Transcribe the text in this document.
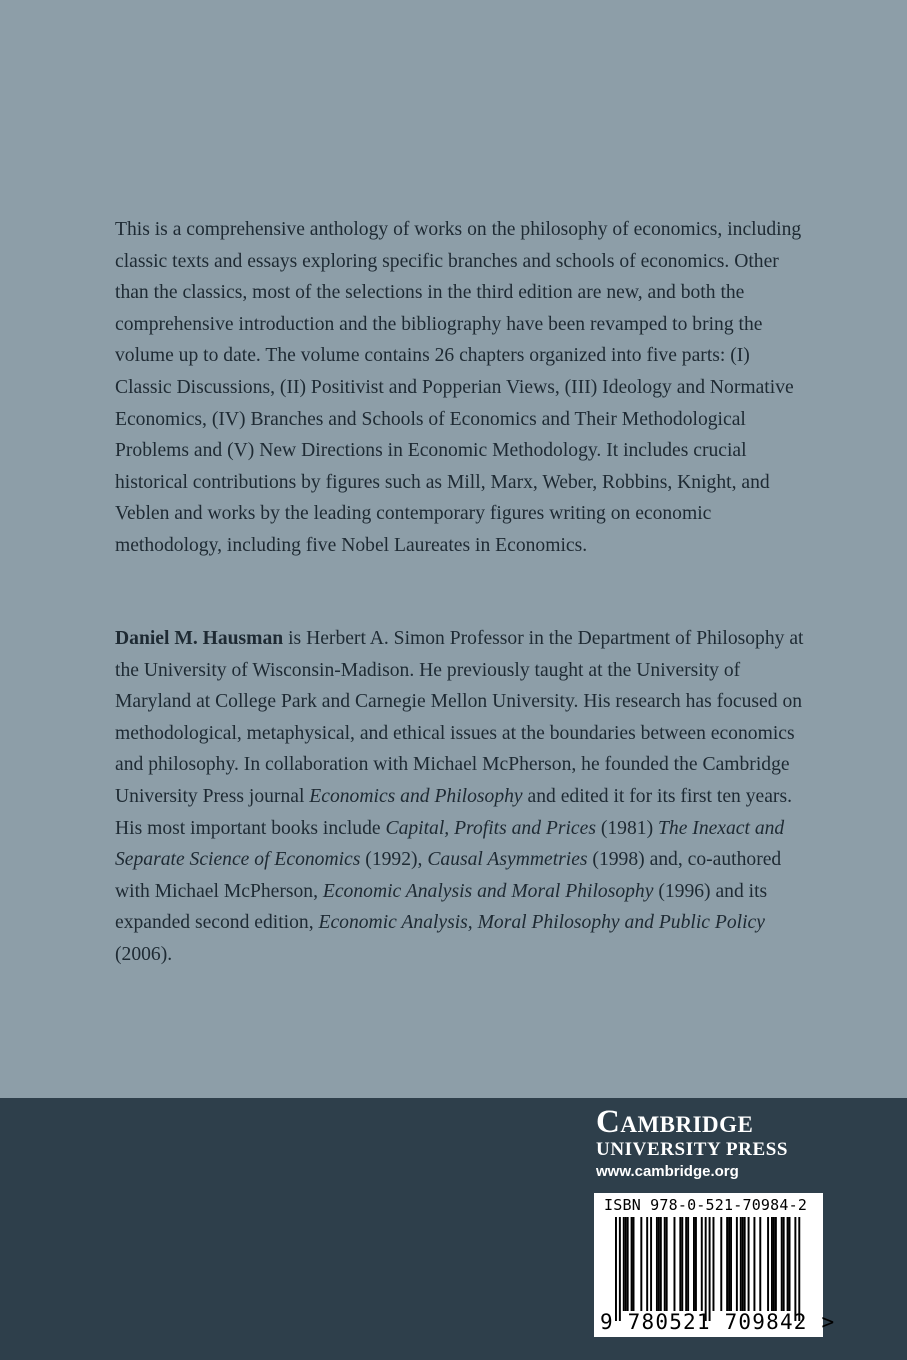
This is a comprehensive anthology of works on the philosophy of economics, including classic texts and essays exploring specific branches and schools of economics. Other than the classics, most of the selections in the third edition are new, and both the comprehensive introduction and the bibliography have been revamped to bring the volume up to date. The volume contains 26 chapters organized into five parts: (I) Classic Discussions, (II) Positivist and Popperian Views, (III) Ideology and Normative Economics, (IV) Branches and Schools of Economics and Their Methodological Problems and (V) New Directions in Economic Methodology. It includes crucial historical contributions by figures such as Mill, Marx, Weber, Robbins, Knight, and Veblen and works by the leading contemporary figures writing on economic methodology, including five Nobel Laureates in Economics.

Daniel M. Hausman is Herbert A. Simon Professor in the Department of Philosophy at the University of Wisconsin-Madison. He previously taught at the University of Maryland at College Park and Carnegie Mellon University. His research has focused on methodological, metaphysical, and ethical issues at the boundaries between economics and philosophy. In collaboration with Michael McPherson, he founded the Cambridge University Press journal Economics and Philosophy and edited it for its first ten years. His most important books include Capital, Profits and Prices (1981) The Inexact and Separate Science of Economics (1992), Causal Asymmetries (1998) and, co-authored with Michael McPherson, Economic Analysis and Moral Philosophy (1996) and its expanded second edition, Economic Analysis, Moral Philosophy and Public Policy (2006).

Cambridge
UNIVERSITY PRESS
www.cambridge.org
ISBN 978-0-521-70984-2
9 780521 709842 >
